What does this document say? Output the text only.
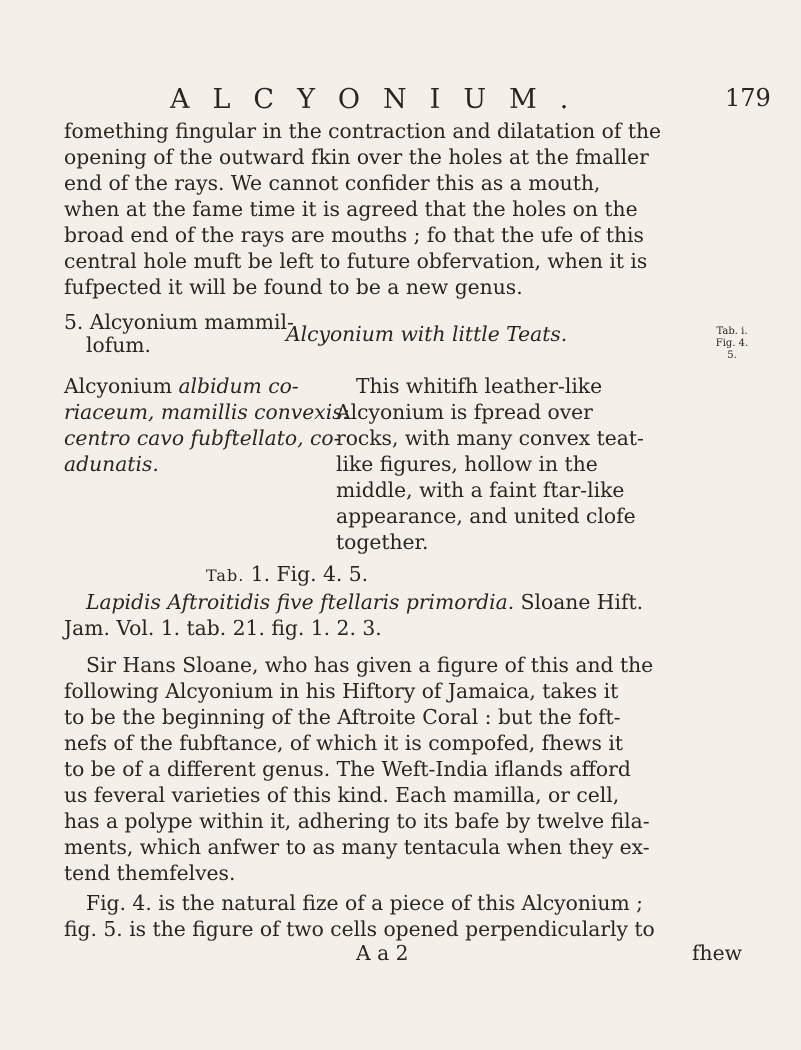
ALCYONIUM.	179
fomething fingular in the contraction and dilatation of the
opening of the outward fkin over the holes at the fmaller
end of the rays. We cannot confider this as a mouth,
when at the fame time it is agreed that the holes on the
broad end of the rays are mouths ; fo that the ufe of this
central hole muft be left to future obfervation, when it is
fufpected it will be found to be a new genus.
5. Alcyonium mammil-
lofum.	Alcyonium with little Teats.	Tab. i.
Fig. 4. 5.
Alcyonium albidum co-
riaceum, mamillis convexis:
centro cavo fubftellato, co-
adunatis.
This whitifh leather-like
Alcyonium is fpread over
rocks, with many convex teat-
like figures, hollow in the
middle, with a faint ftar-like
appearance, and united clofe
together.
Tab. 1. Fig. 4. 5.
Lapidis Aftroitidis five ftellaris primordia. Sloane Hift.
Jam. Vol. 1. tab. 21. fig. 1. 2. 3.
Sir Hans Sloane, who has given a figure of this and the
following Alcyonium in his Hiftory of Jamaica, takes it
to be the beginning of the Aftroite Coral : but the foft-
nefs of the fubftance, of which it is compofed, fhews it
to be of a different genus. The Weft-India iflands afford
us feveral varieties of this kind. Each mamilla, or cell,
has a polype within it, adhering to its bafe by twelve fila-
ments, which anfwer to as many tentacula when they ex-
tend themfelves.
Fig. 4. is the natural fize of a piece of this Alcyonium ;
fig. 5. is the figure of two cells opened perpendicularly to
A a 2	fhew
